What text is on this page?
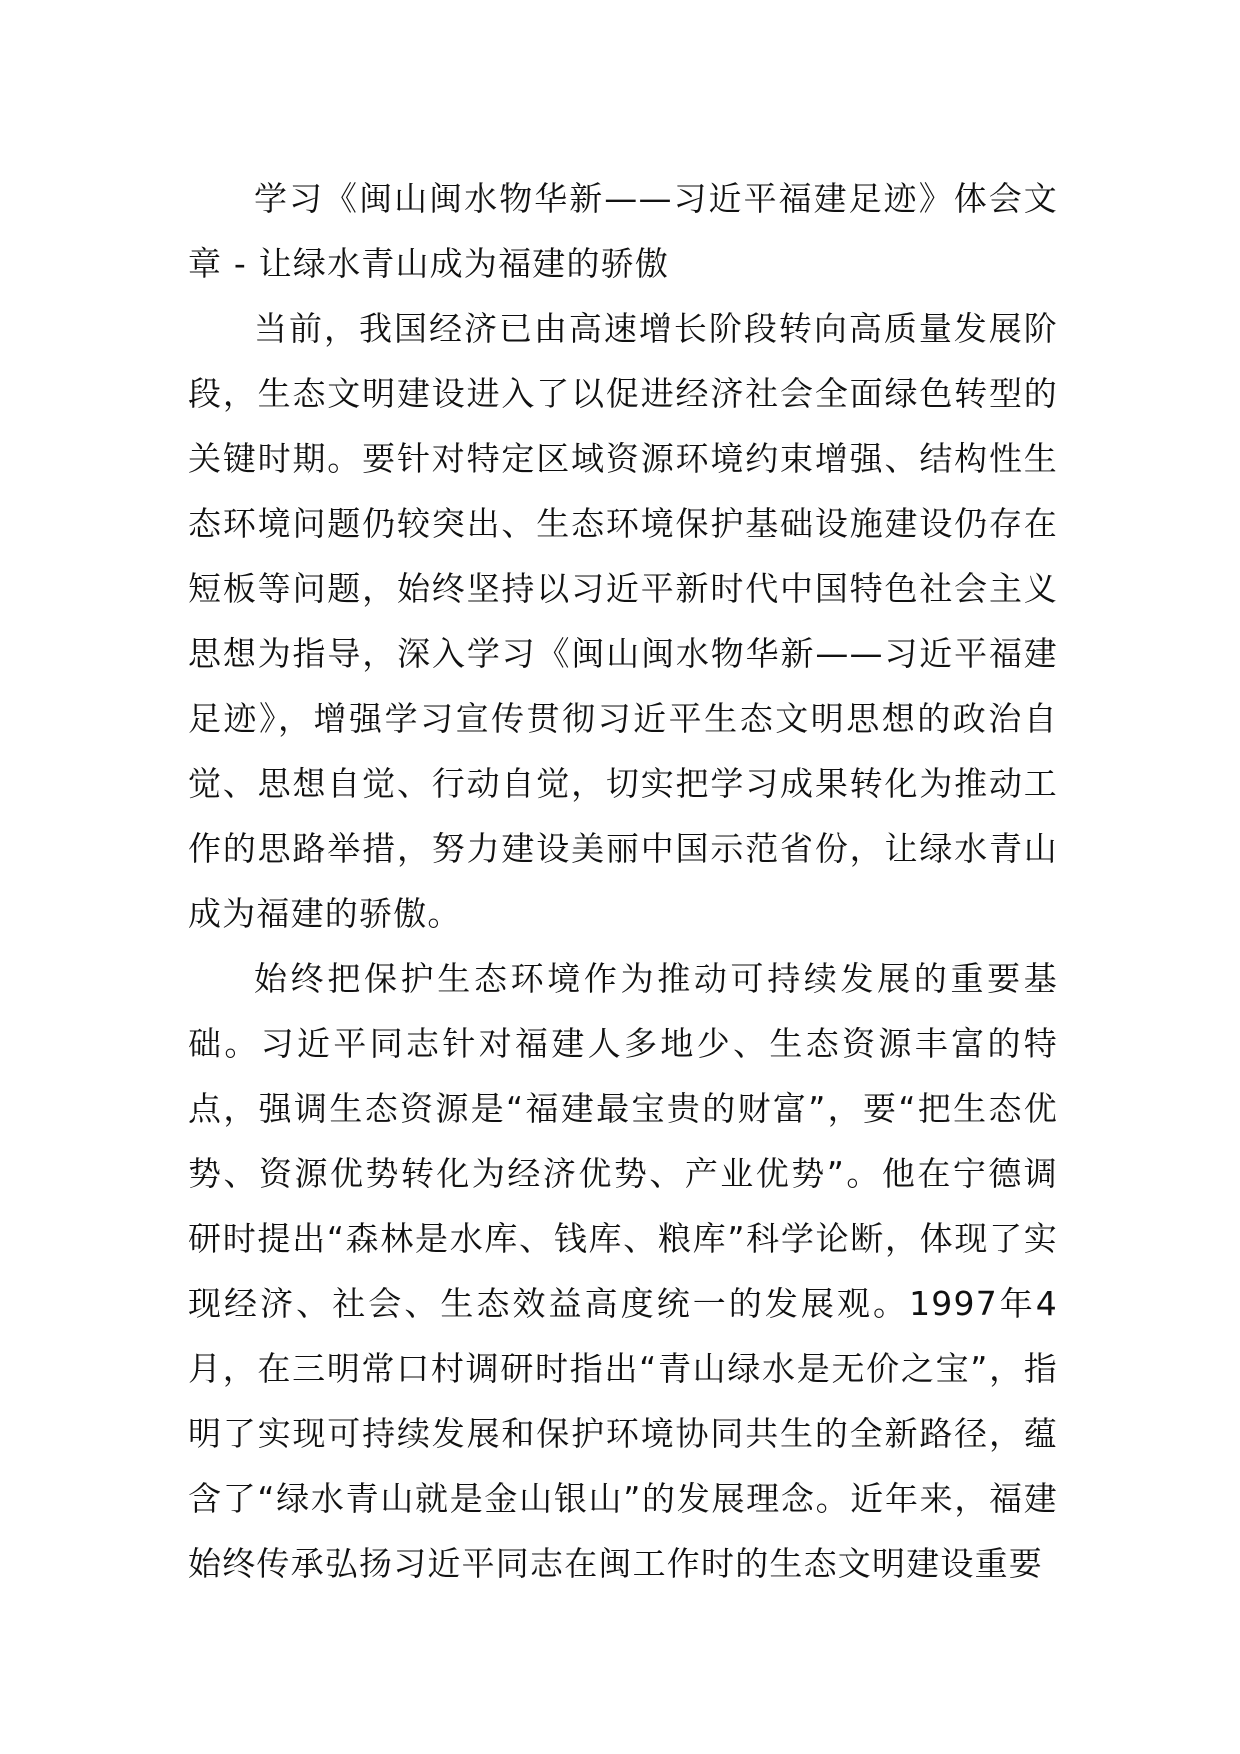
学习《闽山闽水物华新——习近平福建足迹》体会文章 - 让绿水青山成为福建的骄傲

当前，我国经济已由高速增长阶段转向高质量发展阶段，生态文明建设进入了以促进经济社会全面绿色转型的关键时期。要针对特定区域资源环境约束增强、结构性生态环境问题仍较突出、生态环境保护基础设施建设仍存在短板等问题，始终坚持以习近平新时代中国特色社会主义思想为指导，深入学习《闽山闽水物华新——习近平福建足迹》，增强学习宣传贯彻习近平生态文明思想的政治自觉、思想自觉、行动自觉，切实把学习成果转化为推动工作的思路举措，努力建设美丽中国示范省份，让绿水青山成为福建的骄傲。

始终把保护生态环境作为推动可持续发展的重要基础。习近平同志针对福建人多地少、生态资源丰富的特点，强调生态资源是“福建最宝贵的财富”，要“把生态优势、资源优势转化为经济优势、产业优势”。他在宁德调研时提出“森林是水库、钱库、粮库”科学论断，体现了实现经济、社会、生态效益高度统一的发展观。1997年4月，在三明常口村调研时指出“青山绿水是无价之宝”，指明了实现可持续发展和保护环境协同共生的全新路径，蕴含了“绿水青山就是金山银山”的发展理念。近年来，福建始终传承弘扬习近平同志在闽工作时的生态文明建设重要
